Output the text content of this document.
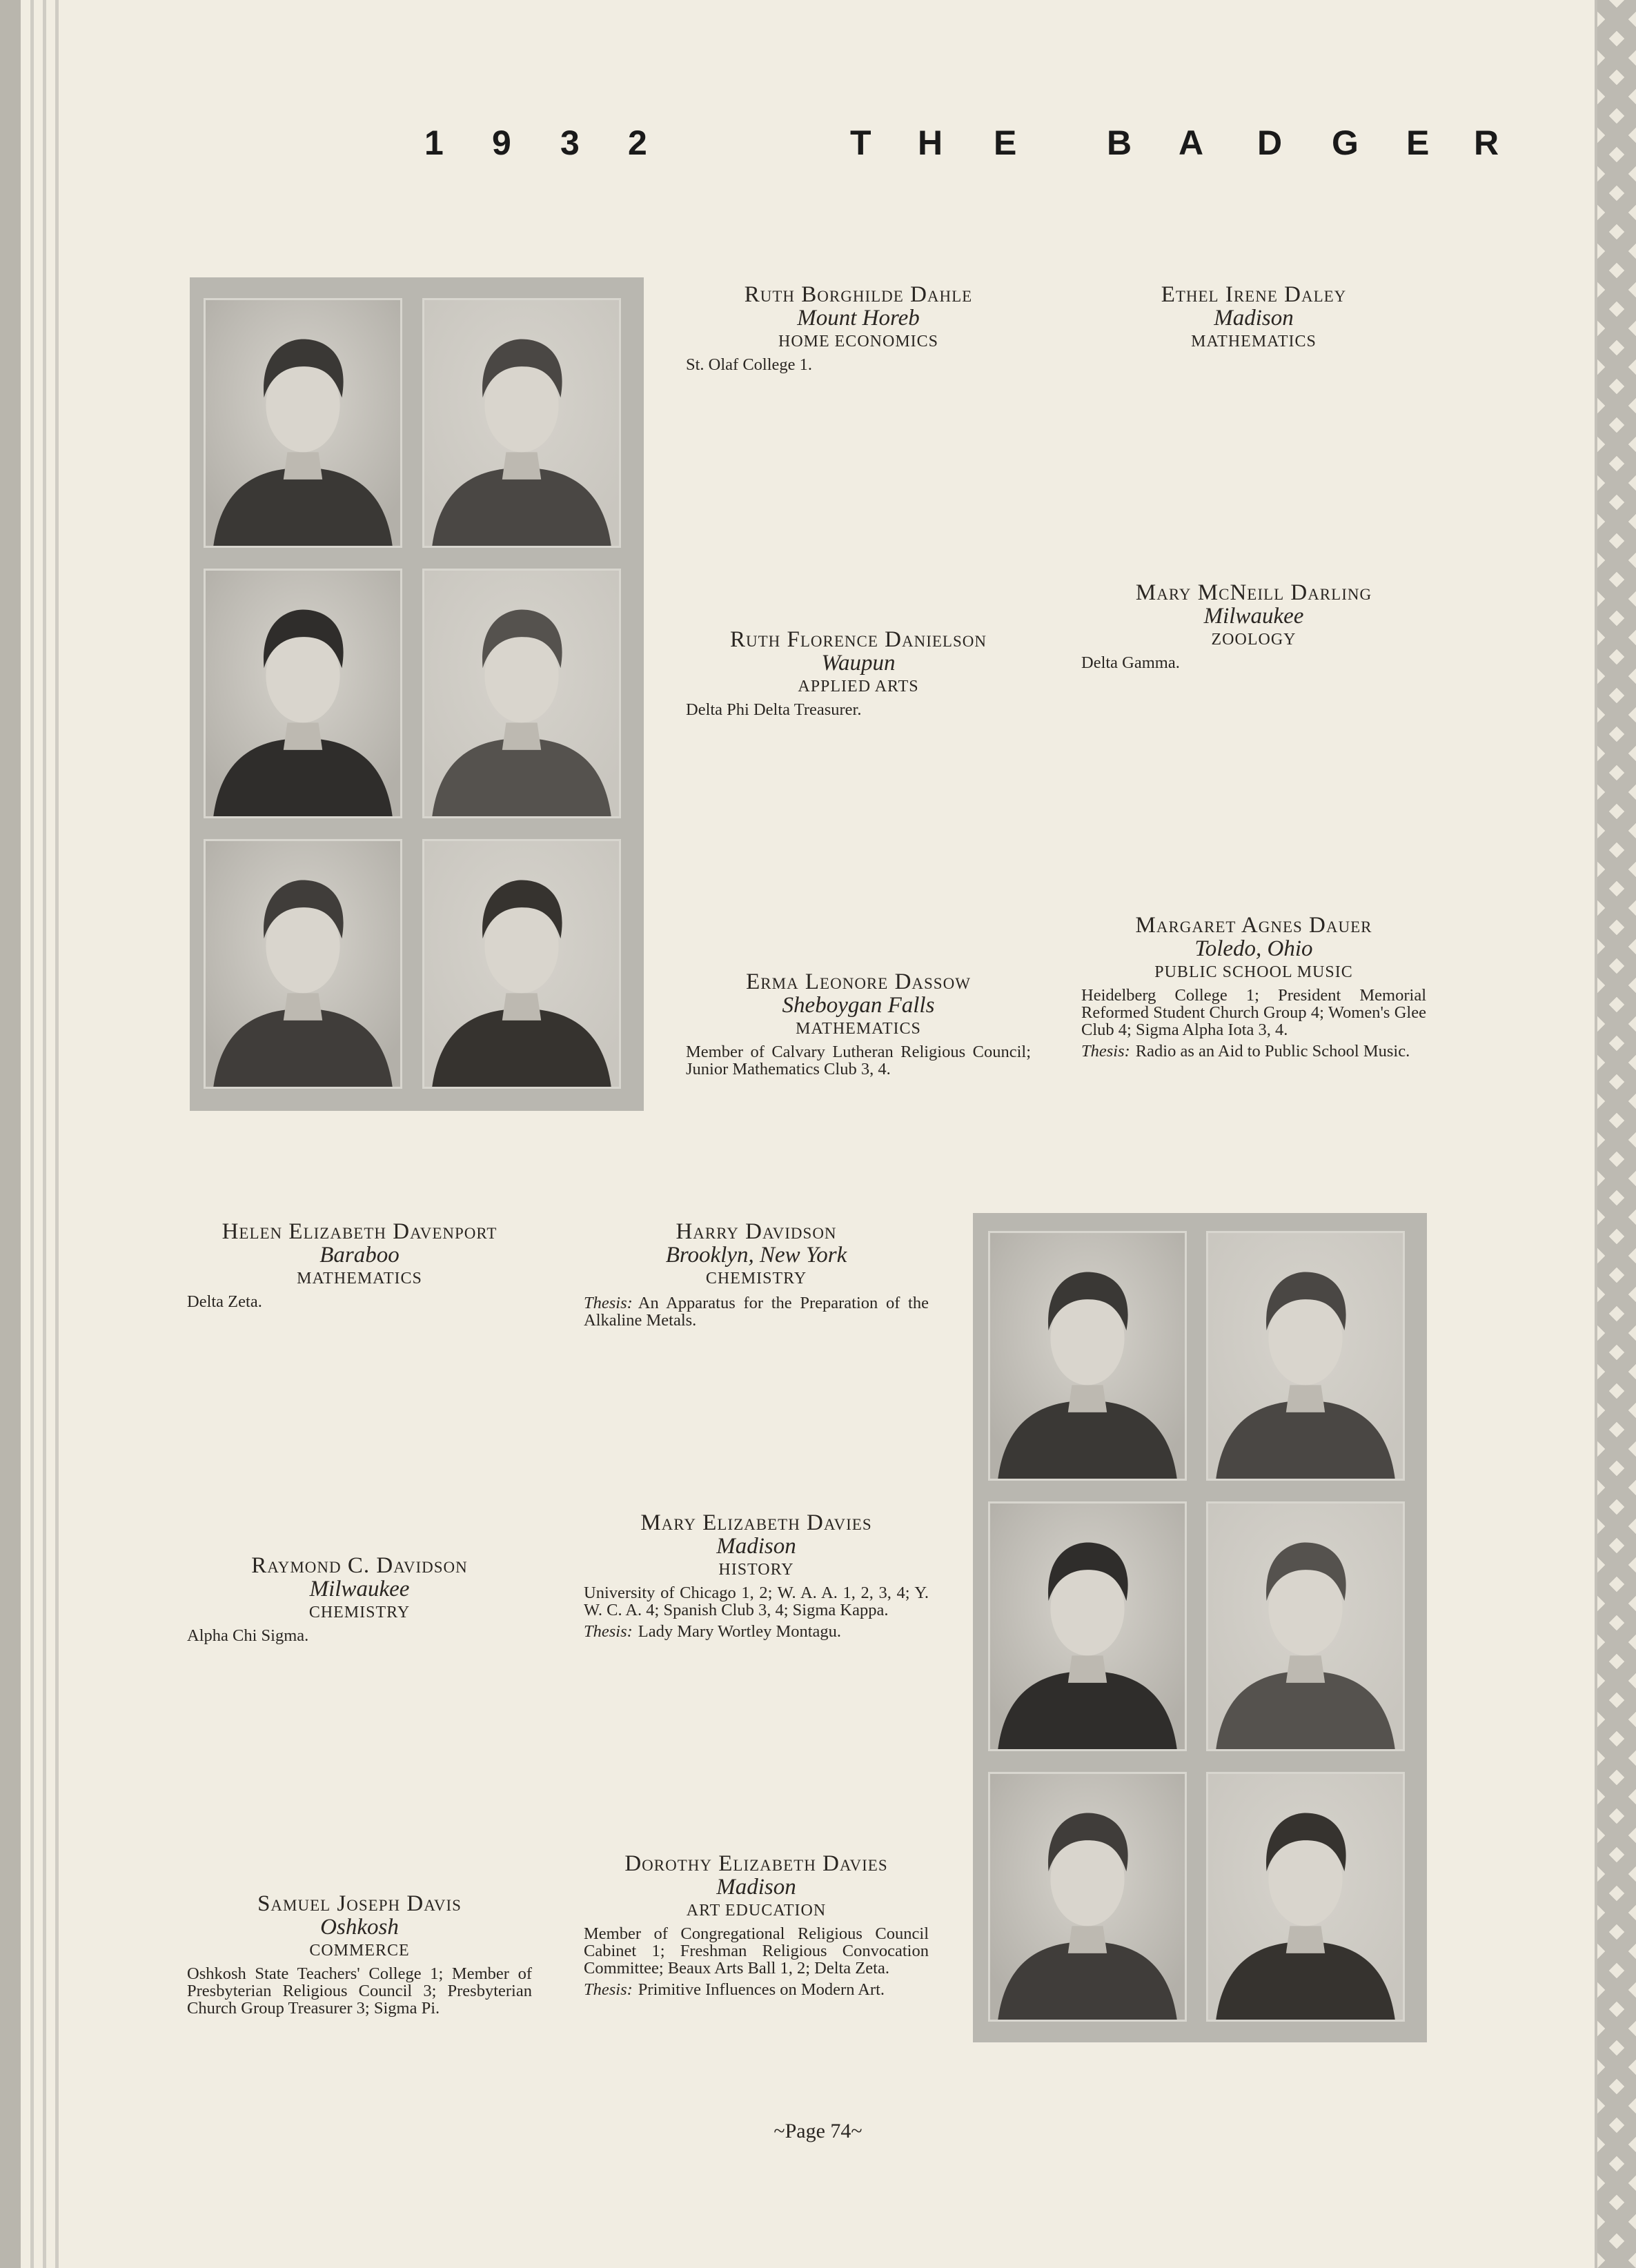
1 9 3 2	T H E	B A D G E R
Ruth Borghilde Dahle
Mount Horeb
HOME ECONOMICS
St. Olaf College 1.
Ethel Irene Daley
Madison
MATHEMATICS
Ruth Florence Danielson
Waupun
APPLIED ARTS
Delta Phi Delta Treasurer.
Mary McNeill Darling
Milwaukee
ZOOLOGY
Delta Gamma.
Erma Leonore Dassow
Sheboygan Falls
MATHEMATICS
Member of Calvary Lutheran Religious Council; Junior Mathematics Club 3, 4.
Margaret Agnes Dauer
Toledo, Ohio
PUBLIC SCHOOL MUSIC
Heidelberg College 1; President Memorial Reformed Student Church Group 4; Women's Glee Club 4; Sigma Alpha Iota 3, 4.
Thesis: Radio as an Aid to Public School Music.
Helen Elizabeth Davenport
Baraboo
MATHEMATICS
Delta Zeta.
Harry Davidson
Brooklyn, New York
CHEMISTRY
Thesis: An Apparatus for the Preparation of the Alkaline Metals.
Raymond C. Davidson
Milwaukee
CHEMISTRY
Alpha Chi Sigma.
Mary Elizabeth Davies
Madison
HISTORY
University of Chicago 1, 2; W. A. A. 1, 2, 3, 4; Y. W. C. A. 4; Spanish Club 3, 4; Sigma Kappa.
Thesis: Lady Mary Wortley Montagu.
Samuel Joseph Davis
Oshkosh
COMMERCE
Oshkosh State Teachers' College 1; Member of Presbyterian Religious Council 3; Presbyterian Church Group Treasurer 3; Sigma Pi.
Dorothy Elizabeth Davies
Madison
ART EDUCATION
Member of Congregational Religious Council Cabinet 1; Freshman Religious Convocation Committee; Beaux Arts Ball 1, 2; Delta Zeta.
Thesis: Primitive Influences on Modern Art.
~Page 74~
